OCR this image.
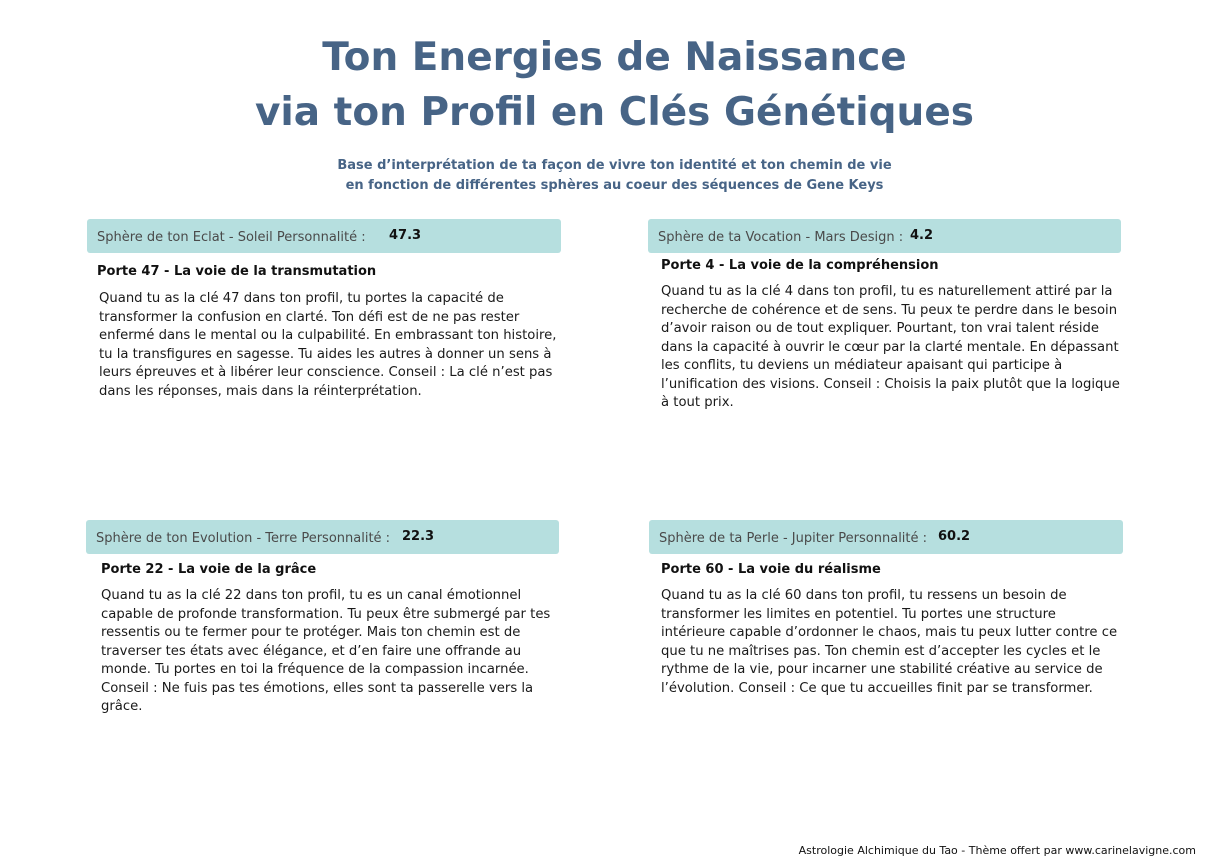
Ton Energies de Naissance
via ton Profil en Clés Génétiques

Base d’interprétation de ta façon de vivre ton identité et ton chemin de vie
en fonction de différentes sphères au coeur des séquences de Gene Keys

Sphère de ton Eclat - Soleil Personnalité : 47.3

Porte 47 - La voie de la transmutation

Quand tu as la clé 47 dans ton profil, tu portes la capacité de transformer la confusion en clarté. Ton défi est de ne pas rester enfermé dans le mental ou la culpabilité. En embrassant ton histoire, tu la transfigures en sagesse. Tu aides les autres à donner un sens à leurs épreuves et à libérer leur conscience. Conseil : La clé n’est pas dans les réponses, mais dans la réinterprétation.

Sphère de ta Vocation - Mars Design : 4.2

Porte 4 - La voie de la compréhension

Quand tu as la clé 4 dans ton profil, tu es naturellement attiré par la recherche de cohérence et de sens. Tu peux te perdre dans le besoin d’avoir raison ou de tout expliquer. Pourtant, ton vrai talent réside dans la capacité à ouvrir le cœur par la clarté mentale. En dépassant les conflits, tu deviens un médiateur apaisant qui participe à l’unification des visions. Conseil : Choisis la paix plutôt que la logique à tout prix.

Sphère de ton Evolution - Terre Personnalité : 22.3

Porte 22 - La voie de la grâce

Quand tu as la clé 22 dans ton profil, tu es un canal émotionnel capable de profonde transformation. Tu peux être submergé par tes ressentis ou te fermer pour te protéger. Mais ton chemin est de traverser tes états avec élégance, et d’en faire une offrande au monde. Tu portes en toi la fréquence de la compassion incarnée. Conseil : Ne fuis pas tes émotions, elles sont ta passerelle vers la grâce.

Sphère de ta Perle - Jupiter Personnalité : 60.2

Porte 60 - La voie du réalisme

Quand tu as la clé 60 dans ton profil, tu ressens un besoin de transformer les limites en potentiel. Tu portes une structure intérieure capable d’ordonner le chaos, mais tu peux lutter contre ce que tu ne maîtrises pas. Ton chemin est d’accepter les cycles et le rythme de la vie, pour incarner une stabilité créative au service de l’évolution. Conseil : Ce que tu accueilles finit par se transformer.

Astrologie Alchimique du Tao - Thème offert par www.carinelavigne.com
